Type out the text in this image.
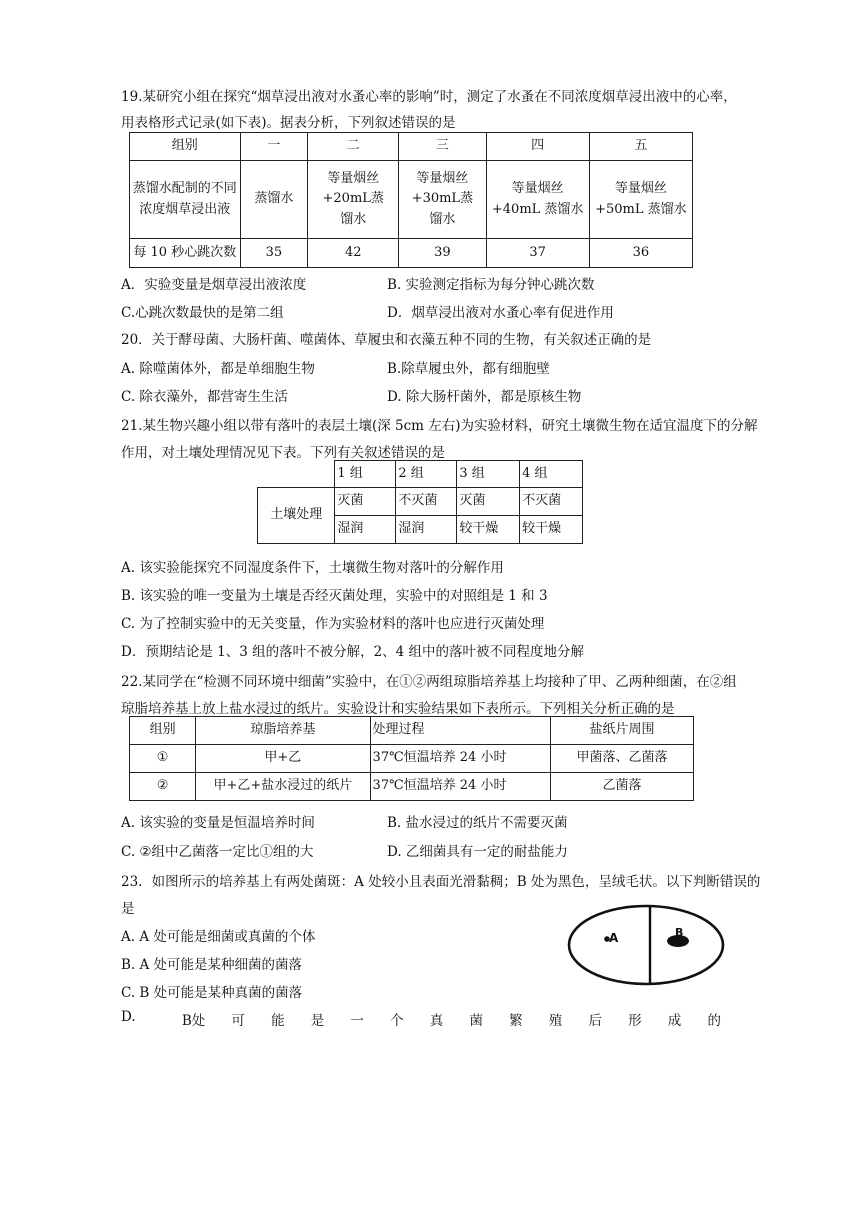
19.某研究小组在探究“烟草浸出液对水蚤心率的影响”时，测定了水蚤在不同浓度烟草浸出液中的心率，
用表格形式记录(如下表)。据表分析，下列叙述错误的是
组别	一	二	三	四	五
蒸馏水配制的不同浓度烟草浸出液	蒸馏水	等量烟丝+20mL蒸馏水	等量烟丝+30mL蒸馏水	等量烟丝+40mL 蒸馏水	等量烟丝+50mL 蒸馏水
每 10 秒心跳次数	35	42	39	37	36
A．实验变量是烟草浸出液浓度	B. 实验测定指标为每分钟心跳次数
C.心跳次数最快的是第二组	D．烟草浸出液对水蚤心率有促进作用
20．关于酵母菌、大肠杆菌、噬菌体、草履虫和衣藻五种不同的生物，有关叙述正确的是
A. 除噬菌体外，都是单细胞生物	B.除草履虫外，都有细胞壁
C. 除衣藻外，都营寄生生活	D. 除大肠杆菌外，都是原核生物
21.某生物兴趣小组以带有落叶的表层土壤(深 5cm 左右)为实验材料，研究土壤微生物在适宜温度下的分解
作用，对土壤处理情况见下表。下列有关叙述错误的是
	1 组	2 组	3 组	4 组
土壤处理	灭菌	不灭菌	灭菌	不灭菌
	湿润	湿润	较干燥	较干燥
A. 该实验能探究不同湿度条件下，土壤微生物对落叶的分解作用
B. 该实验的唯一变量为土壤是否经灭菌处理，实验中的对照组是 1 和 3
C. 为了控制实验中的无关变量，作为实验材料的落叶也应进行灭菌处理
D．预期结论是 1、3 组的落叶不被分解，2、4 组中的落叶被不同程度地分解
22.某同学在“检测不同环境中细菌”实验中，在①②两组琼脂培养基上均接种了甲、乙两种细菌，在②组
琼脂培养基上放上盐水浸过的纸片。实验设计和实验结果如下表所示。下列相关分析正确的是
组别	琼脂培养基	处理过程	盐纸片周围
①	甲+乙	37℃恒温培养 24 小时	甲菌落、乙菌落
②	甲+乙+盐水浸过的纸片	37℃恒温培养 24 小时	乙菌落
A. 该实验的变量是恒温培养时间	B. 盐水浸过的纸片不需要灭菌
C. ②组中乙菌落一定比①组的大	D. 乙细菌具有一定的耐盐能力
23．如图所示的培养基上有两处菌斑：A 处较小且表面光滑黏稠；B 处为黑色，呈绒毛状。以下判断错误的
是
A. A 处可能是细菌或真菌的个体
B. A 处可能是某种细菌的菌落
C. B 处可能是某种真菌的菌落
D.	B处 可 能 是 一 个 真 菌 繁 殖 后 形 成 的
A	B
